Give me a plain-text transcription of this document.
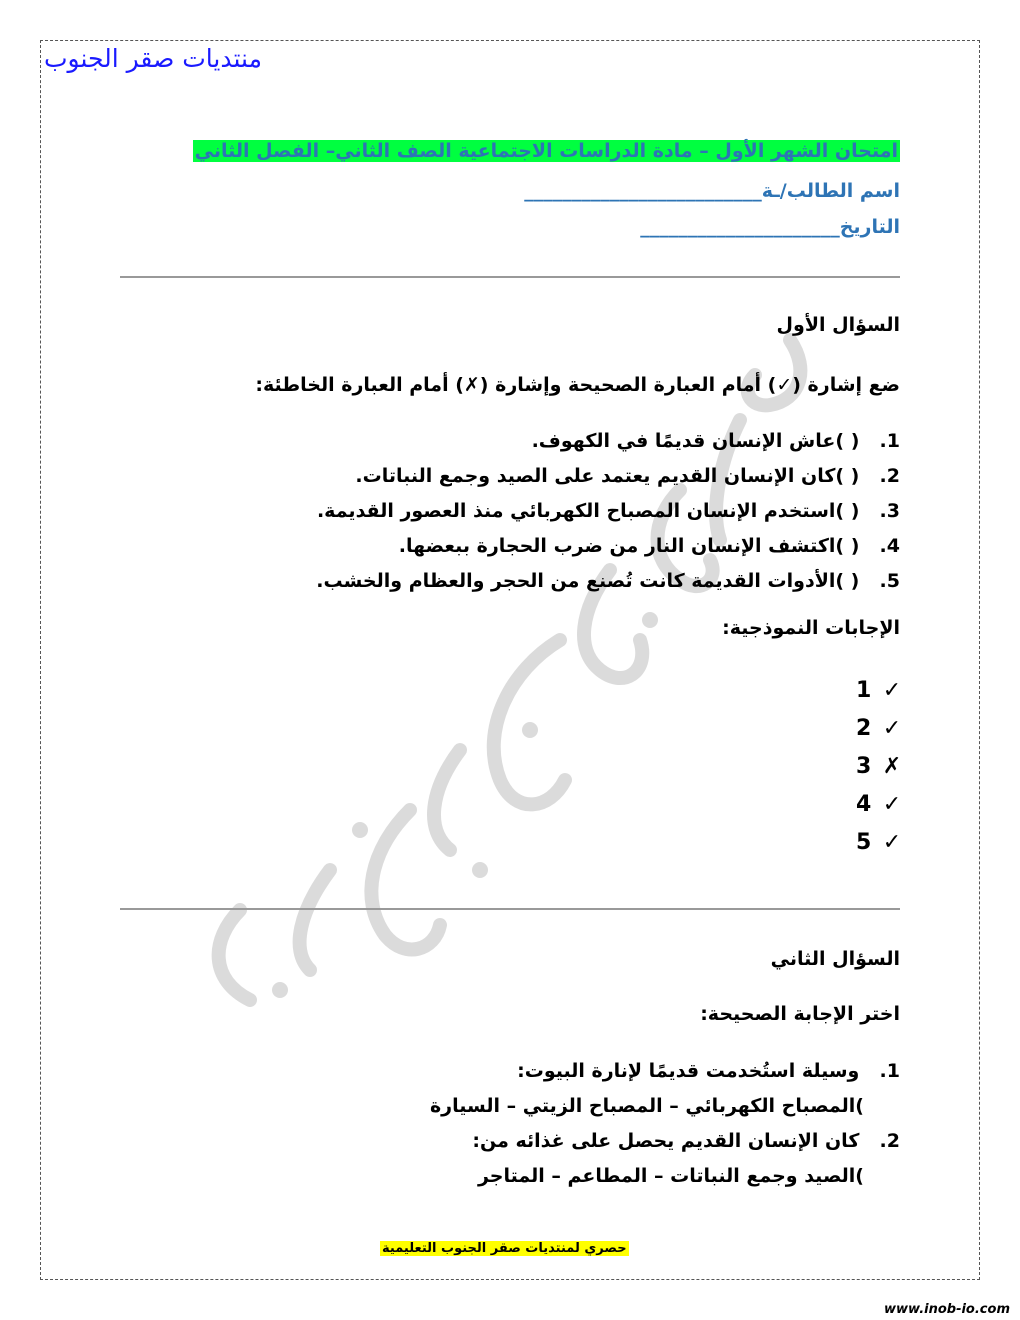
منتديات صقر الجنوب
امتحان الشهر الأول – مادة الدراسات الاجتماعية الصف الثاني– الفصل الثاني
اسم الطالب/ـة_________________________
التاريخ_____________________
السؤال الأول
ضع إشارة (✓) أمام العبارة الصحيحة وإشارة (✗) أمام العبارة الخاطئة:
1. ( )عاش الإنسان قديمًا في الكهوف.
2. ( )كان الإنسان القديم يعتمد على الصيد وجمع النباتات.
3. ( )استخدم الإنسان المصباح الكهربائي منذ العصور القديمة.
4. ( )اكتشف الإنسان النار من ضرب الحجارة ببعضها.
5. ( )الأدوات القديمة كانت تُصنع من الحجر والعظام والخشب.
الإجابات النموذجية:
1 ✓
2 ✓
3 ✗
4 ✓
5 ✓
السؤال الثاني
اختر الإجابة الصحيحة:
1. وسيلة استُخدمت قديمًا لإنارة البيوت:
)المصباح الكهربائي – المصباح الزيتي – السيارة
2. كان الإنسان القديم يحصل على غذائه من:
)الصيد وجمع النباتات – المطاعم – المتاجر
حصري لمنتديات صقر الجنوب التعليمية
www.inob-io.com
